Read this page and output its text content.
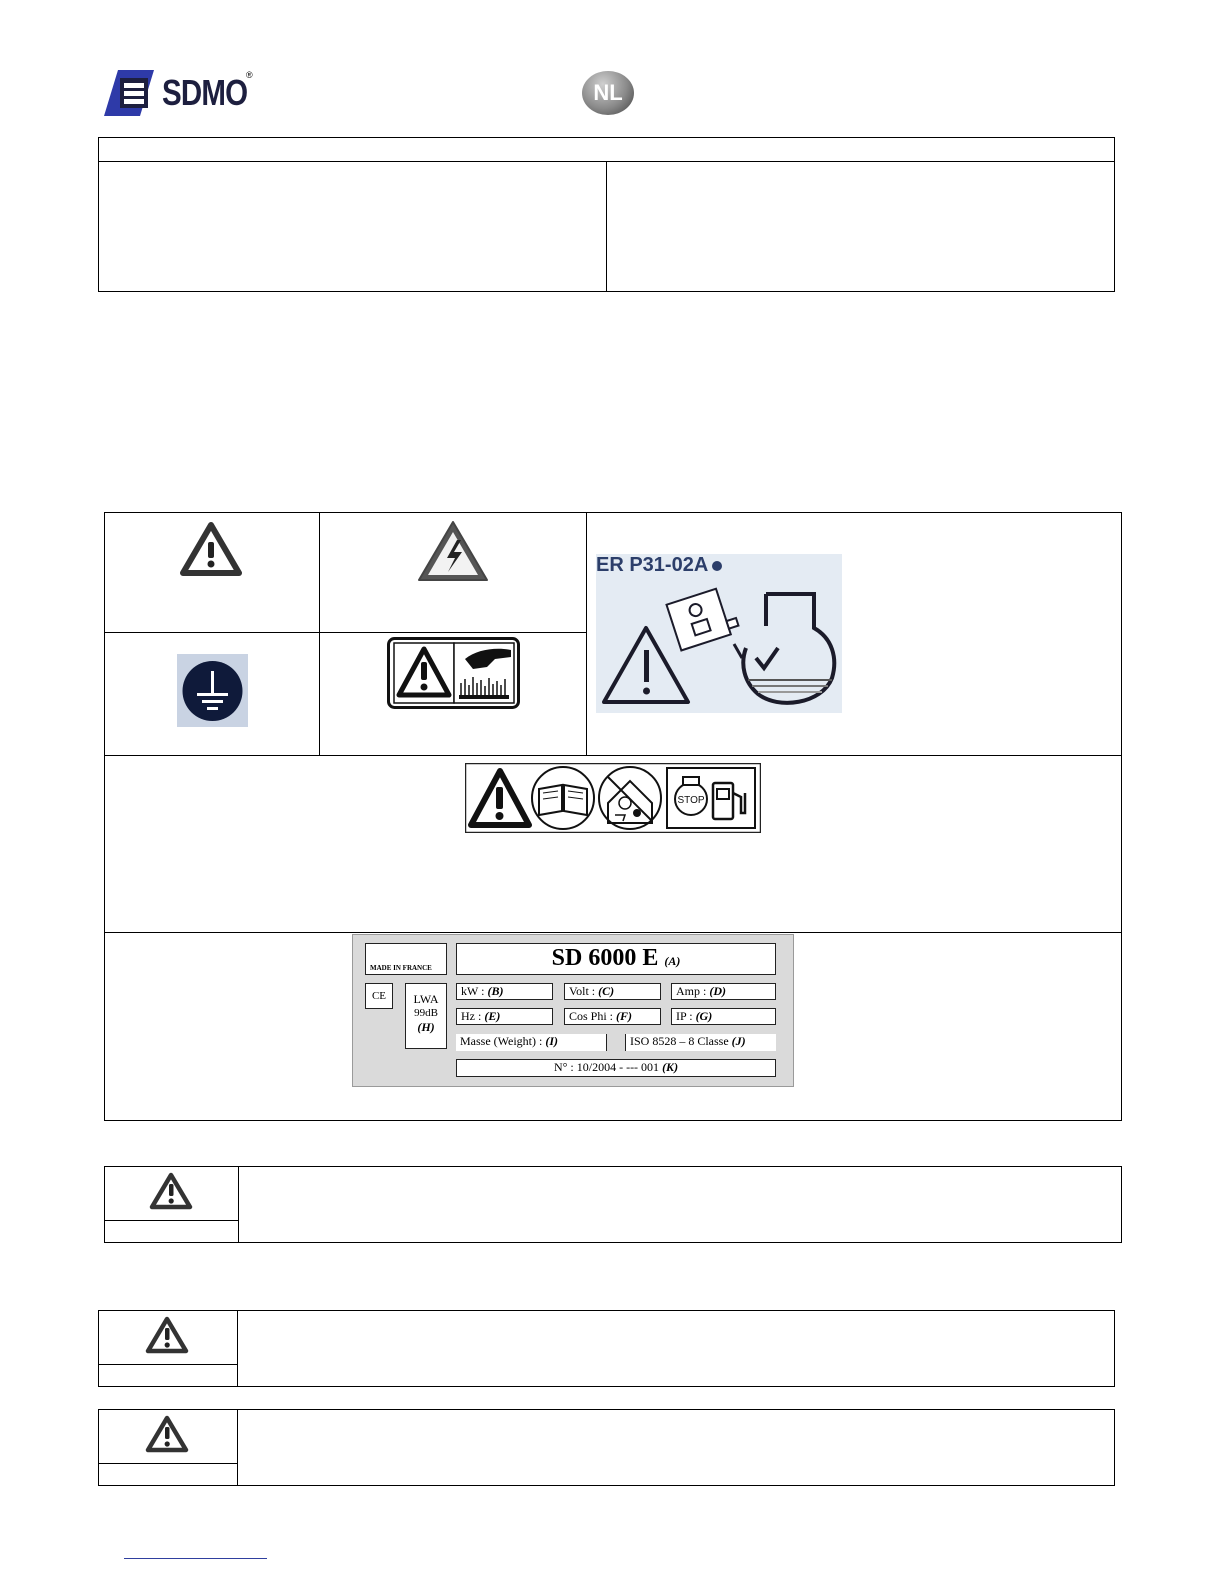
SDMO
®
NL
ER P31-02A
STOP
MADE IN FRANCE
CE	LWA
99dB
(H)
SD 6000 E (A)
kW : (B)	Volt : (C)	Amp : (D)
Hz : (E)	Cos Phi : (F)	IP : (G)
Masse (Weight) : (I)	ISO 8528 – 8 Classe (J)
N° : 10/2004 - --- 001 (K)
